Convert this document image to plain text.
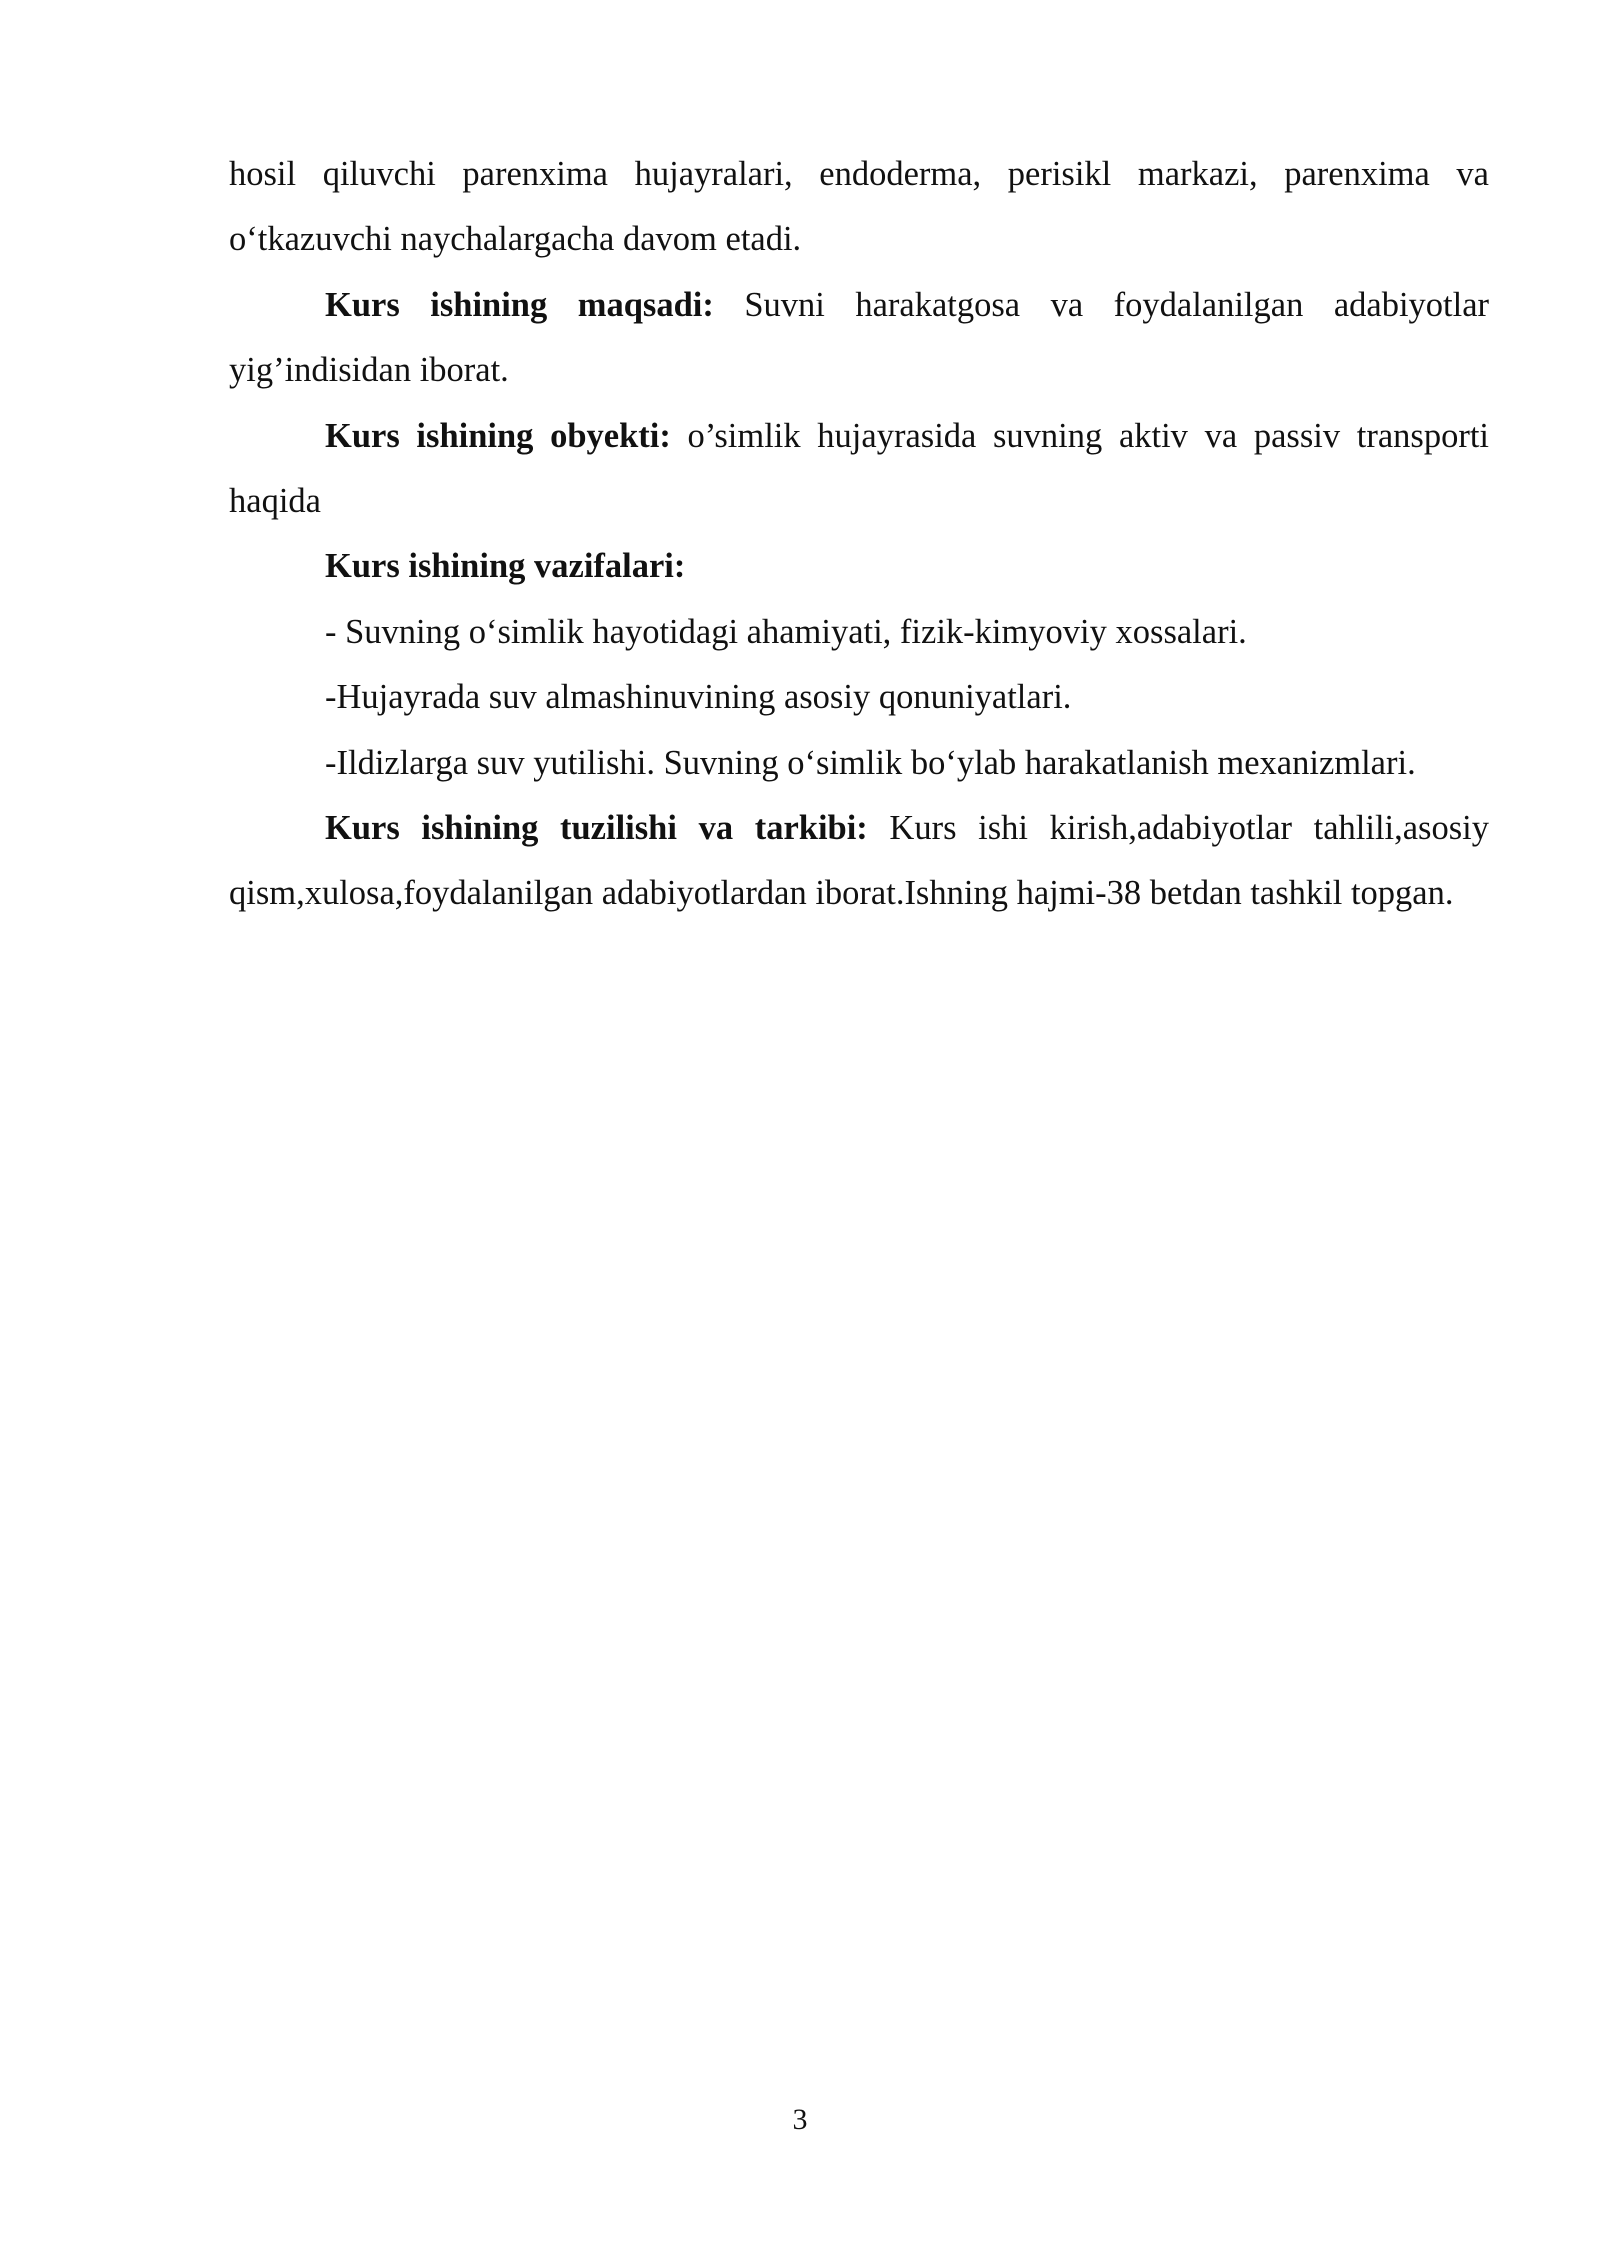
hosil qiluvchi parenxima hujayralari, endoderma, perisikl markazi, parenxima va o‘tkazuvchi naychalargacha davom etadi.

Kurs ishining maqsadi: Suvni harakatgosa va foydalanilgan adabiyotlar yig’indisidan iborat.

Kurs ishining obyekti: o’simlik hujayrasida suvning aktiv va passiv transporti haqida

Kurs ishining vazifalari:

- Suvning o‘simlik hayotidagi ahamiyati, fizik-kimyoviy xossalari.

-Hujayrada suv almashinuvining asosiy qonuniyatlari.

-Ildizlarga suv yutilishi. Suvning o‘simlik bo‘ylab harakatlanish mexanizmlari.

Kurs ishining tuzilishi va tarkibi: Kurs ishi kirish,adabiyotlar tahlili,asosiy qism,xulosa,foydalanilgan adabiyotlardan iborat.Ishning hajmi-38 betdan tashkil topgan.

3
